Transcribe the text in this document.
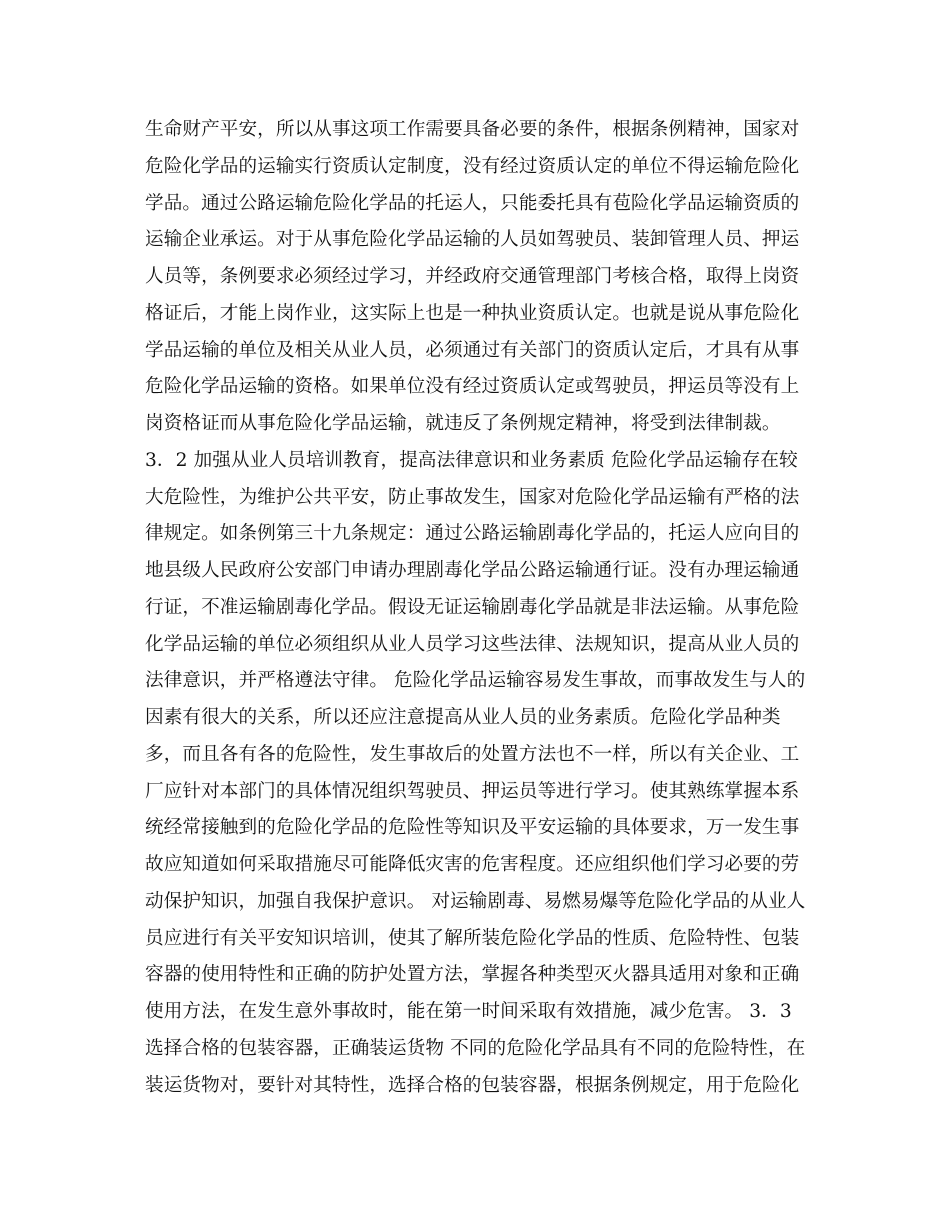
生命财产平安，所以从事这项工作需要具备必要的条件，根据条例精神，国家对
危险化学品的运输实行资质认定制度，没有经过资质认定的单位不得运输危险化
学品。通过公路运输危险化学品的托运人，只能委托具有苞险化学品运输资质的
运输企业承运。对于从事危险化学品运输的人员如驾驶员、装卸管理人员、押运
人员等，条例要求必须经过学习，并经政府交通管理部门考核合格，取得上岗资
格证后，才能上岗作业，这实际上也是一种执业资质认定。也就是说从事危险化
学品运输的单位及相关从业人员，必须通过有关部门的资质认定后，才具有从事
危险化学品运输的资格。如果单位没有经过资质认定或驾驶员，押运员等没有上
岗资格证而从事危险化学品运输，就违反了条例规定精神，将受到法律制裁。
3．2 加强从业人员培训教育，提高法律意识和业务素质 危险化学品运输存在较
大危险性，为维护公共平安，防止事故发生，国家对危险化学品运输有严格的法
律规定。如条例第三十九条规定：通过公路运输剧毒化学品的，托运人应向目的
地县级人民政府公安部门申请办理剧毒化学品公路运输通行证。没有办理运输通
行证，不准运输剧毒化学品。假设无证运输剧毒化学品就是非法运输。从事危险
化学品运输的单位必须组织从业人员学习这些法律、法规知识，提高从业人员的
法律意识，并严格遵法守律。 危险化学品运输容易发生事故，而事故发生与人的
因素有很大的关系，所以还应注意提高从业人员的业务素质。危险化学品种类
多，而且各有各的危险性，发生事故后的处置方法也不一样，所以有关企业、工
厂应针对本部门的具体情况组织驾驶员、押运员等进行学习。使其熟练掌握本系
统经常接触到的危险化学品的危险性等知识及平安运输的具体要求，万一发生事
故应知道如何采取措施尽可能降低灾害的危害程度。还应组织他们学习必要的劳
动保护知识，加强自我保护意识。 对运输剧毒、易燃易爆等危险化学品的从业人
员应进行有关平安知识培训，使其了解所装危险化学品的性质、危险特性、包装
容器的使用特性和正确的防护处置方法，掌握各种类型灭火器具适用对象和正确
使用方法，在发生意外事故时，能在第一时间采取有效措施，减少危害。 3．3
选择合格的包装容器，正确装运货物 不同的危险化学品具有不同的危险特性，在
装运货物对，要针对其特性，选择合格的包装容器，根据条例规定，用于危险化
